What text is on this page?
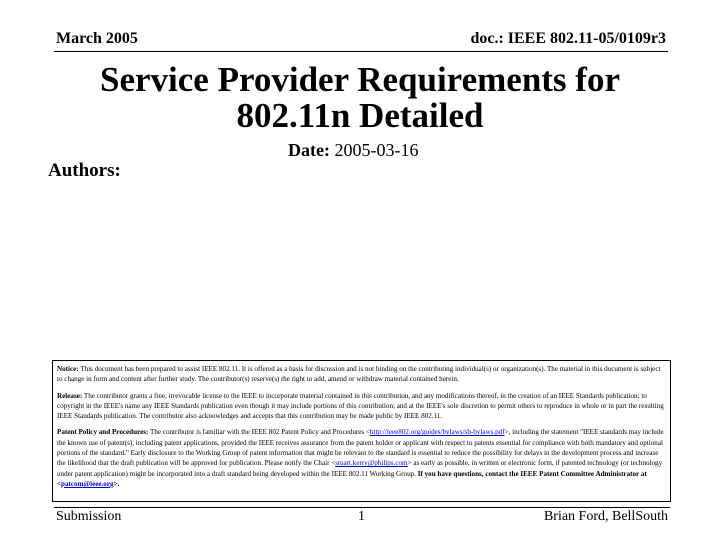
March 2005	doc.: IEEE 802.11-05/0109r3
Service Provider Requirements for 802.11n Detailed
Date: 2005-03-16
Authors:

Notice: This document has been prepared to assist IEEE 802.11. It is offered as a basis for discussion and is not binding on the contributing individual(s) or organization(s). The material in this document is subject to change in form and content after further study. The contributor(s) reserve(s) the right to add, amend or withdraw material contained herein.

Release: The contributor grants a free, irrevocable license to the IEEE to incorporate material contained in this contribution, and any modifications thereof, in the creation of an IEEE Standards publication; to copyright in the IEEE's name any IEEE Standards publication even though it may include portions of this contribution; and at the IEEE's sole discretion to permit others to reproduce in whole or in part the resulting IEEE Standards publication. The contributor also acknowledges and accepts that this contribution may be made public by IEEE 802.11.

Patent Policy and Procedures: The contributor is familiar with the IEEE 802 Patent Policy and Procedures <http://ieee802.org/guides/bylaws/sb-bylaws.pdf>, including the statement "IEEE standards may include the known use of patent(s), including patent applications, provided the IEEE receives assurance from the patent holder or applicant with respect to patents essential for compliance with both mandatory and optional portions of the standard." Early disclosure to the Working Group of patent information that might be relevant to the standard is essential to reduce the possibility for delays in the development process and increase the likelihood that the draft publication will be approved for publication. Please notify the Chair <stuart.kerry@philips.com> as early as possible, in written or electronic form, if patented technology (or technology under patent application) might be incorporated into a draft standard being developed within the IEEE 802.11 Working Group. If you have questions, contact the IEEE Patent Committee Administrator at <patcom@ieee.org>.

Submission	1	Brian Ford, BellSouth
